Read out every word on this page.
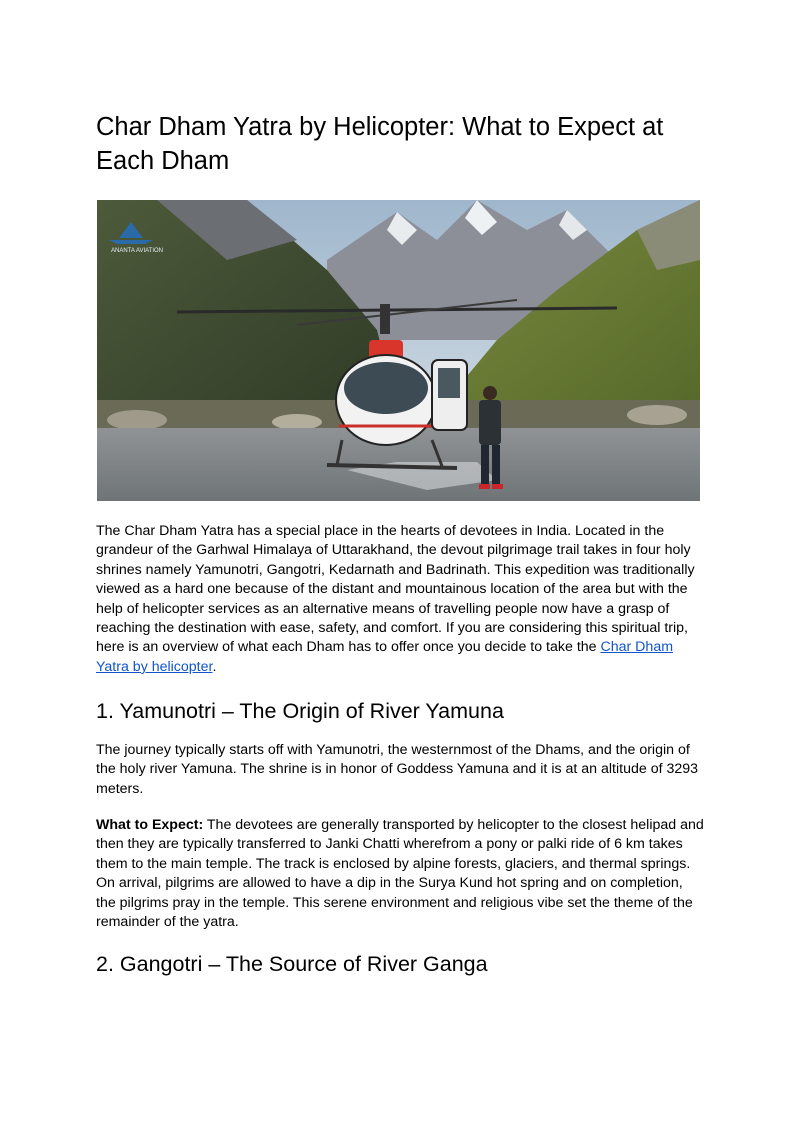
Char Dham Yatra by Helicopter: What to Expect at Each Dham
ANANTA AVIATION

The Char Dham Yatra has a special place in the hearts of devotees in India. Located in the grandeur of the Garhwal Himalaya of Uttarakhand, the devout pilgrimage trail takes in four holy shrines namely Yamunotri, Gangotri, Kedarnath and Badrinath. This expedition was traditionally viewed as a hard one because of the distant and mountainous location of the area but with the help of helicopter services as an alternative means of travelling people now have a grasp of reaching the destination with ease, safety, and comfort. If you are considering this spiritual trip, here is an overview of what each Dham has to offer once you decide to take the Char Dham Yatra by helicopter.

1. Yamunotri – The Origin of River Yamuna

The journey typically starts off with Yamunotri, the westernmost of the Dhams, and the origin of the holy river Yamuna. The shrine is in honor of Goddess Yamuna and it is at an altitude of 3293 meters.

What to Expect: The devotees are generally transported by helicopter to the closest helipad and then they are typically transferred to Janki Chatti wherefrom a pony or palki ride of 6 km takes them to the main temple. The track is enclosed by alpine forests, glaciers, and thermal springs. On arrival, pilgrims are allowed to have a dip in the Surya Kund hot spring and on completion, the pilgrims pray in the temple. This serene environment and religious vibe set the theme of the remainder of the yatra.

2. Gangotri – The Source of River Ganga
